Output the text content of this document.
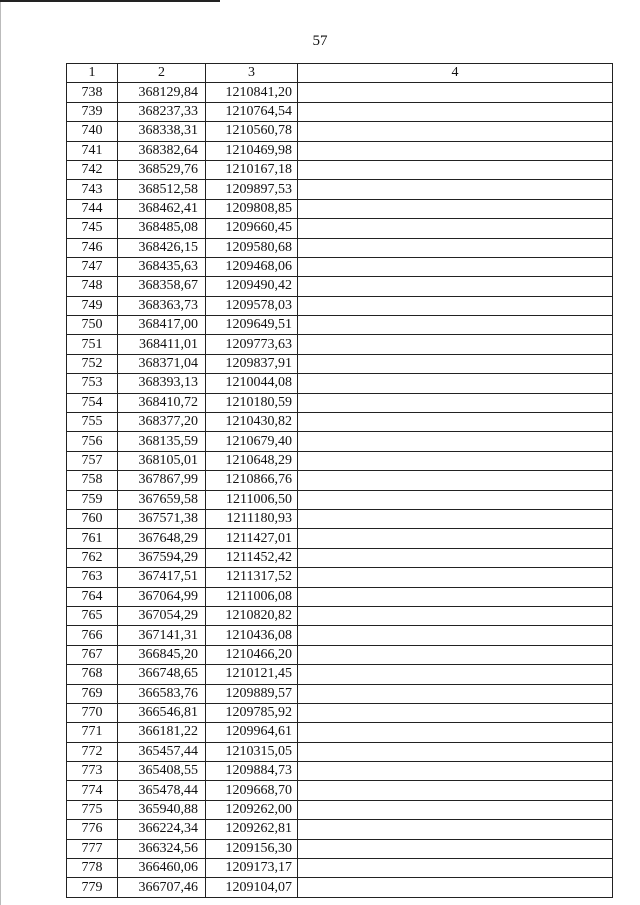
57
1	2	3	4
738	368129,84	1210841,20	
739	368237,33	1210764,54	
740	368338,31	1210560,78	
741	368382,64	1210469,98	
742	368529,76	1210167,18	
743	368512,58	1209897,53	
744	368462,41	1209808,85	
745	368485,08	1209660,45	
746	368426,15	1209580,68	
747	368435,63	1209468,06	
748	368358,67	1209490,42	
749	368363,73	1209578,03	
750	368417,00	1209649,51	
751	368411,01	1209773,63	
752	368371,04	1209837,91	
753	368393,13	1210044,08	
754	368410,72	1210180,59	
755	368377,20	1210430,82	
756	368135,59	1210679,40	
757	368105,01	1210648,29	
758	367867,99	1210866,76	
759	367659,58	1211006,50	
760	367571,38	1211180,93	
761	367648,29	1211427,01	
762	367594,29	1211452,42	
763	367417,51	1211317,52	
764	367064,99	1211006,08	
765	367054,29	1210820,82	
766	367141,31	1210436,08	
767	366845,20	1210466,20	
768	366748,65	1210121,45	
769	366583,76	1209889,57	
770	366546,81	1209785,92	
771	366181,22	1209964,61	
772	365457,44	1210315,05	
773	365408,55	1209884,73	
774	365478,44	1209668,70	
775	365940,88	1209262,00	
776	366224,34	1209262,81	
777	366324,56	1209156,30	
778	366460,06	1209173,17	
779	366707,46	1209104,07	
